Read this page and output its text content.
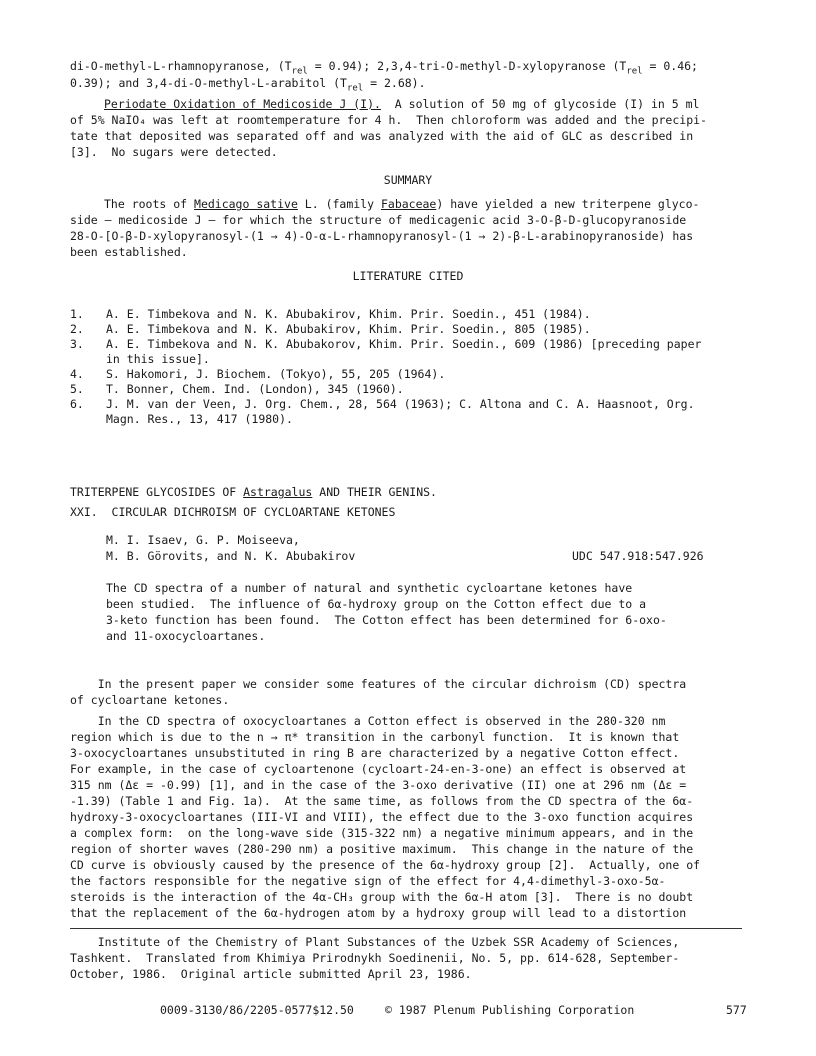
di-O-methyl-L-rhamnopyranose, $(T_{rel} = 0.94)$; 2,3,4-tri-O-methyl-D-xylopyranose ($T_{rel} = 0.46$;
0.39); and 3,4-di-O-methyl-L-arabitol $(T_{rel} = 2.68)$.
Periodate Oxidation of Medicoside J (I).  A solution of 50 mg of glycoside (I) in 5 ml
of 5% NaIO₄ was left at roomtemperature for 4 h.  Then chloroform was added and the precipi-
tate that deposited was separated off and was analyzed with the aid of GLC as described in
[3].  No sugars were detected.
SUMMARY
The roots of Medicago sative L. (family Fabaceae) have yielded a new triterpene glyco-
side — medicoside J — for which the structure of medicagenic acid 3-O-β-D-glucopyranoside
28-O-[O-β-D-xylopyranosyl-(1 → 4)-O-α-L-rhamnopyranosyl-(1 → 2)-β-L-arabinopyranoside) has
been established.
LITERATURE CITED

1. A. E. Timbekova and N. K. Abubakirov, Khim. Prir. Soedin., 451 (1984).

2. A. E. Timbekova and N. K. Abubakirov, Khim. Prir. Soedin., 805 (1985).

3. A. E. Timbekova and N. K. Abubakorov, Khim. Prir. Soedin., 609 (1986) [preceding paper

in this issue].

4. S. Hakomori, J. Biochem. (Tokyo), 55, 205 (1964).

5. T. Bonner, Chem. Ind. (London), 345 (1960).

6. J. M. van der Veen, J. Org. Chem., 28, 564 (1963); C. Altona and C. A. Haasnoot, Org.

Magn. Res., 13, 417 (1980).

TRITERPENE GLYCOSIDES OF Astragalus AND THEIR GENINS.
XXI.  CIRCULAR DICHROISM OF CYCLOARTANE KETONES
M. I. Isaev, G. P. Moiseeva,
M. B. Görovits, and N. K. Abubakirov	UDC 547.918:547.926
The CD spectra of a number of natural and synthetic cycloartane ketones have
been studied.  The influence of 6α-hydroxy group on the Cotton effect due to a
3-keto function has been found.  The Cotton effect has been determined for 6-oxo-
and 11-oxocycloartanes.
In the present paper we consider some features of the circular dichroism (CD) spectra
of cycloartane ketones.
In the CD spectra of oxocycloartanes a Cotton effect is observed in the 280-320 nm
region which is due to the n → π* transition in the carbonyl function.  It is known that
3-oxocycloartanes unsubstituted in ring B are characterized by a negative Cotton effect.
For example, in the case of cycloartenone (cycloart-24-en-3-one) an effect is observed at
315 nm (Δε = -0.99) [1], and in the case of the 3-oxo derivative (II) one at 296 nm (Δε =
-1.39) (Table 1 and Fig. 1a).  At the same time, as follows from the CD spectra of the 6α-
hydroxy-3-oxocycloartanes (III-VI and VIII), the effect due to the 3-oxo function acquires
a complex form:  on the long-wave side (315-322 nm) a negative minimum appears, and in the
region of shorter waves (280-290 nm) a positive maximum.  This change in the nature of the
CD curve is obviously caused by the presence of the 6α-hydroxy group [2].  Actually, one of
the factors responsible for the negative sign of the effect for 4,4-dimethyl-3-oxo-5α-
steroids is the interaction of the 4α-CH₃ group with the 6α-H atom [3].  There is no doubt
that the replacement of the 6α-hydrogen atom by a hydroxy group will lead to a distortion
Institute of the Chemistry of Plant Substances of the Uzbek SSR Academy of Sciences,
Tashkent.  Translated from Khimiya Prirodnykh Soedinenii, No. 5, pp. 614-628, September-
October, 1986.  Original article submitted April 23, 1986.
0009-3130/86/2205-0577$12.50	© 1987 Plenum Publishing Corporation	577
